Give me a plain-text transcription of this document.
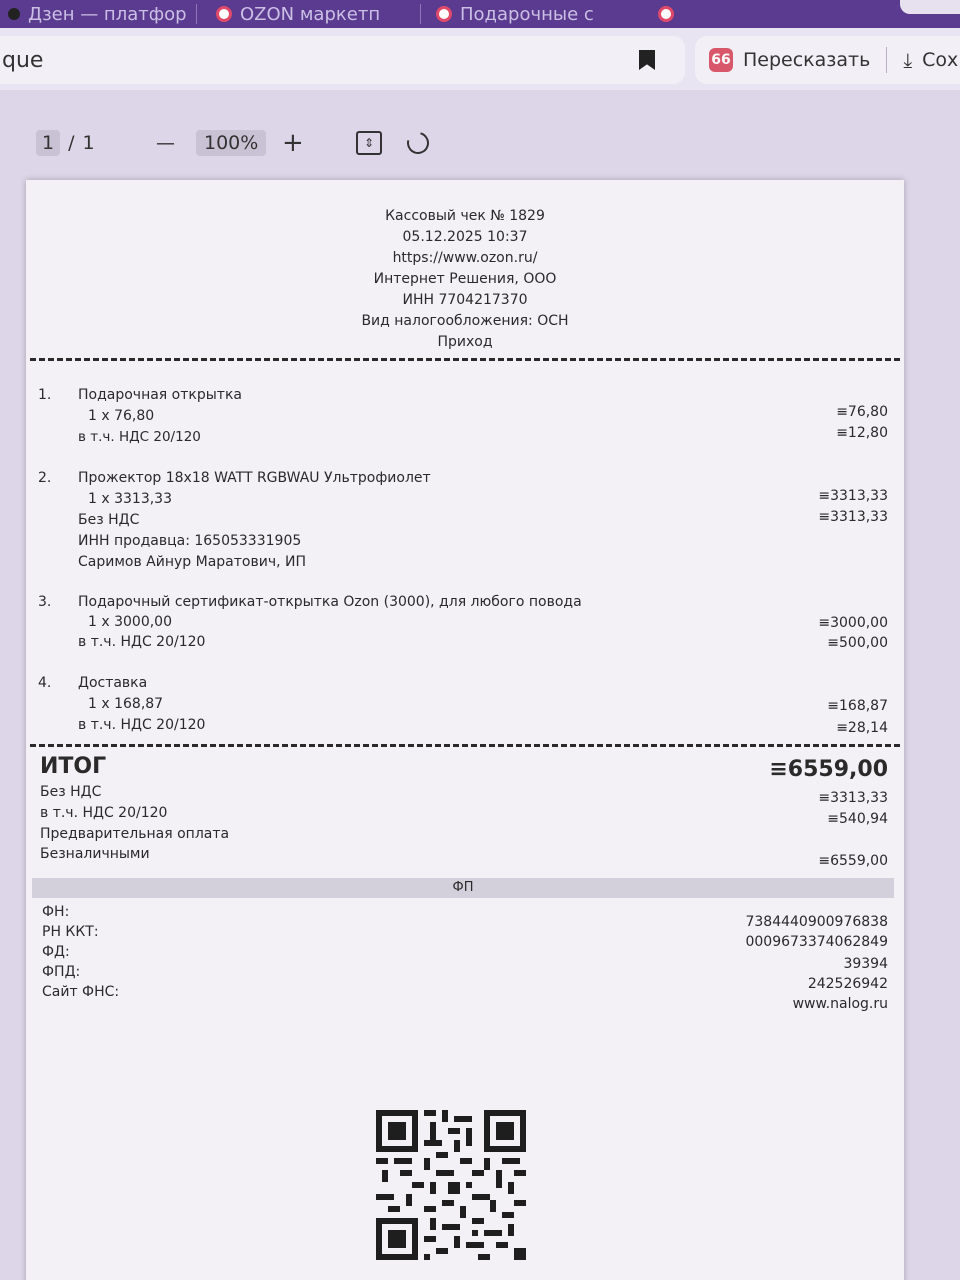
Дзен — платфор	OZON маркетп	Подарочные с
que	66 Пересказать ⤓ Сох
1 / 1	—	100% +	⇕
Кассовый чек № 1829
05.12.2025 10:37
https://www.ozon.ru/
Интернет Решения, ООО
ИНН 7704217370
Вид налогообложения: ОСН
Приход
1. Подарочная открытка
1 x 76,80	≡76,80
в т.ч. НДС 20/120	≡12,80
2. Прожектор 18x18 WATT RGBWAU Ультрофиолет
1 x 3313,33	≡3313,33
Без НДС	≡3313,33
ИНН продавца: 165053331905
Саримов Айнур Маратович, ИП
3. Подарочный сертификат-открытка Ozon (3000), для любого повода
1 x 3000,00	≡3000,00
в т.ч. НДС 20/120	≡500,00
4. Доставка
1 x 168,87	≡168,87
в т.ч. НДС 20/120	≡28,14
ИТОГ	≡6559,00
Без НДС	≡3313,33
в т.ч. НДС 20/120	≡540,94
Предварительная оплата
Безналичными	≡6559,00
ФП
ФН:
7384440900976838
РН ККТ:
0009673374062849
ФД:
39394
ФПД:
242526942
Сайт ФНС:
www.nalog.ru
